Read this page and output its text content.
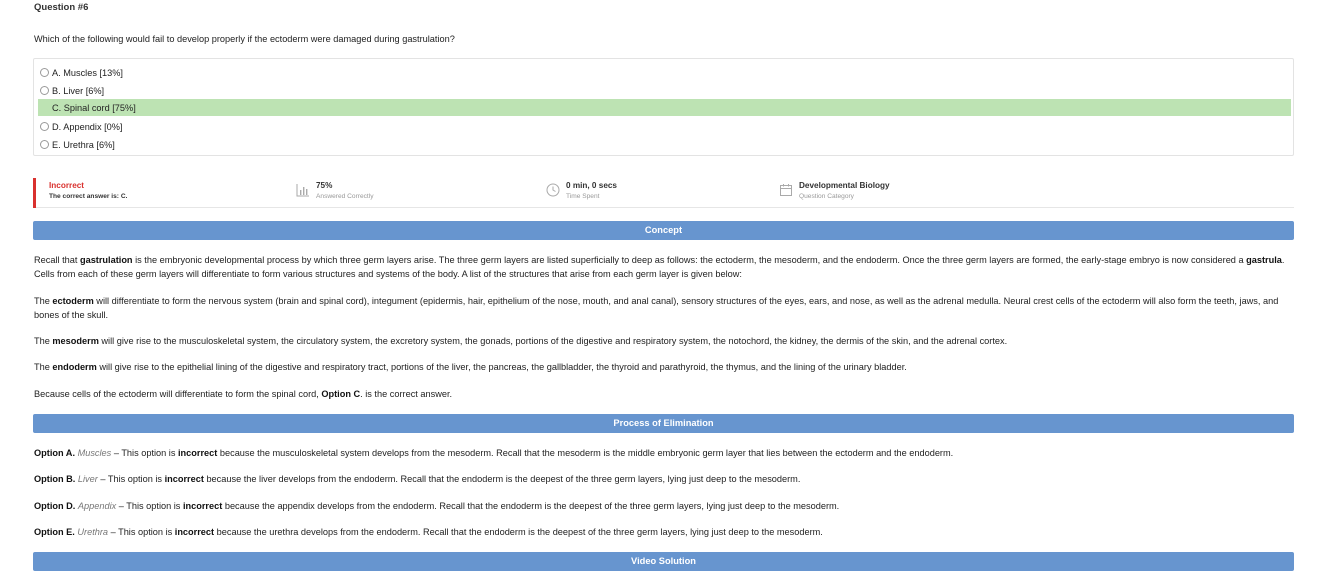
Question #6
Which of the following would fail to develop properly if the ectoderm were damaged during gastrulation?
A. Muscles [13%]
B. Liver [6%]
C. Spinal cord [75%]
D. Appendix [0%]
E. Urethra [6%]
Incorrect
The correct answer is: C.
75%
Answered Correctly
0 min, 0 secs
Time Spent
Developmental Biology
Question Category
Concept
Recall that gastrulation is the embryonic developmental process by which three germ layers arise. The three germ layers are listed superficially to deep as follows: the ectoderm, the mesoderm, and the endoderm. Once the three germ layers are formed, the early-stage embryo is now considered a gastrula. Cells from each of these germ layers will differentiate to form various structures and systems of the body. A list of the structures that arise from each germ layer is given below:
The ectoderm will differentiate to form the nervous system (brain and spinal cord), integument (epidermis, hair, epithelium of the nose, mouth, and anal canal), sensory structures of the eyes, ears, and nose, as well as the adrenal medulla. Neural crest cells of the ectoderm will also form the teeth, jaws, and bones of the skull.
The mesoderm will give rise to the musculoskeletal system, the circulatory system, the excretory system, the gonads, portions of the digestive and respiratory system, the notochord, the kidney, the dermis of the skin, and the adrenal cortex.
The endoderm will give rise to the epithelial lining of the digestive and respiratory tract, portions of the liver, the pancreas, the gallbladder, the thyroid and parathyroid, the thymus, and the lining of the urinary bladder.
Because cells of the ectoderm will differentiate to form the spinal cord, Option C. is the correct answer.
Process of Elimination
Option A. Muscles – This option is incorrect because the musculoskeletal system develops from the mesoderm. Recall that the mesoderm is the middle embryonic germ layer that lies between the ectoderm and the endoderm.
Option B. Liver – This option is incorrect because the liver develops from the endoderm. Recall that the endoderm is the deepest of the three germ layers, lying just deep to the mesoderm.
Option D. Appendix – This option is incorrect because the appendix develops from the endoderm. Recall that the endoderm is the deepest of the three germ layers, lying just deep to the mesoderm.
Option E. Urethra – This option is incorrect because the urethra develops from the endoderm. Recall that the endoderm is the deepest of the three germ layers, lying just deep to the mesoderm.
Video Solution
